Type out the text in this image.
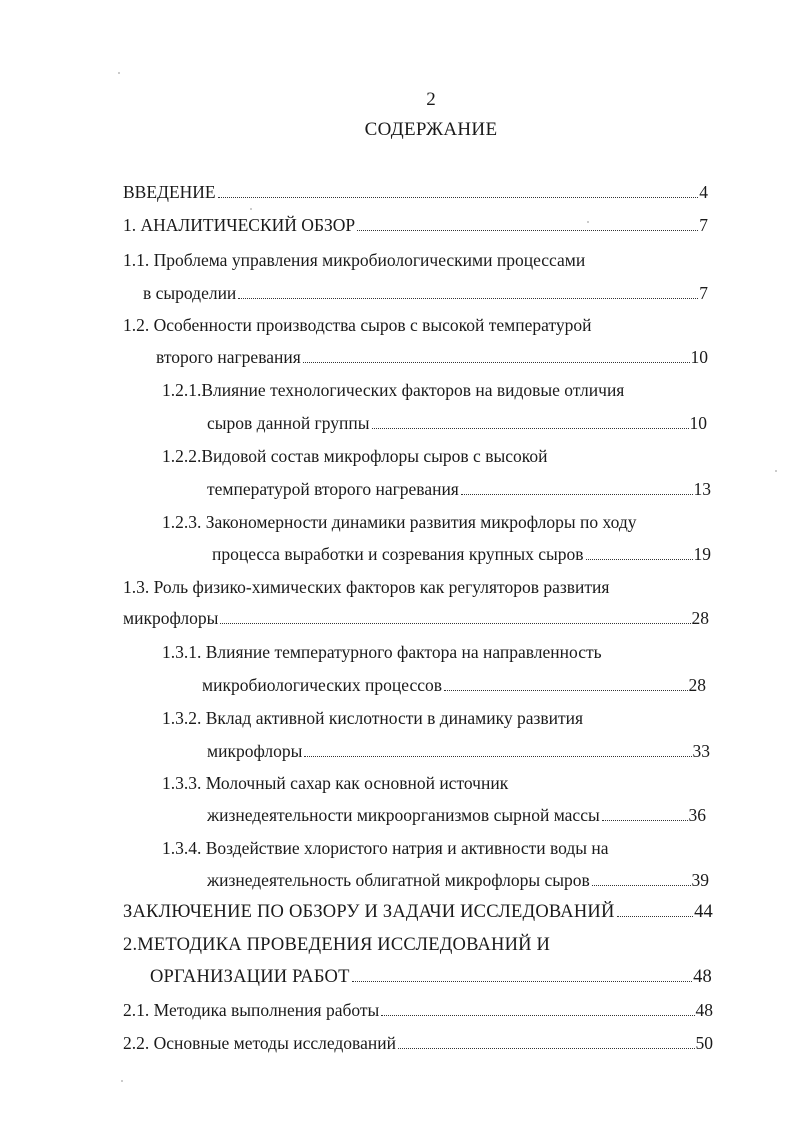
2
СОДЕРЖАНИЕ
ВВЕДЕНИЕ	4
1. АНАЛИТИЧЕСКИЙ ОБЗОР	7
1.1. Проблема управления микробиологическими процессами
в сыроделии	7
1.2. Особенности производства сыров с высокой температурой
второго нагревания	10
1.2.1.Влияние технологических факторов на видовые отличия
сыров данной группы	10
1.2.2.Видовой состав микрофлоры сыров с высокой
температурой второго нагревания	13
1.2.3. Закономерности динамики развития микрофлоры по ходу
процесса выработки и созревания крупных сыров	19
1.3. Роль физико-химических факторов как регуляторов развития
микрофлоры	28
1.3.1. Влияние температурного фактора на направленность
микробиологических процессов	28
1.3.2. Вклад активной кислотности в динамику развития
микрофлоры	33
1.3.3. Молочный сахар как основной источник
жизнедеятельности микроорганизмов сырной массы	36
1.3.4. Воздействие хлористого натрия и активности воды на
жизнедеятельность облигатной микрофлоры сыров	39
ЗАКЛЮЧЕНИЕ ПО ОБЗОРУ И ЗАДАЧИ ИССЛЕДОВАНИЙ	44
2.МЕТОДИКА ПРОВЕДЕНИЯ ИССЛЕДОВАНИЙ И
ОРГАНИЗАЦИИ РАБОТ	48
2.1. Методика выполнения работы	48
2.2. Основные методы исследований	50
